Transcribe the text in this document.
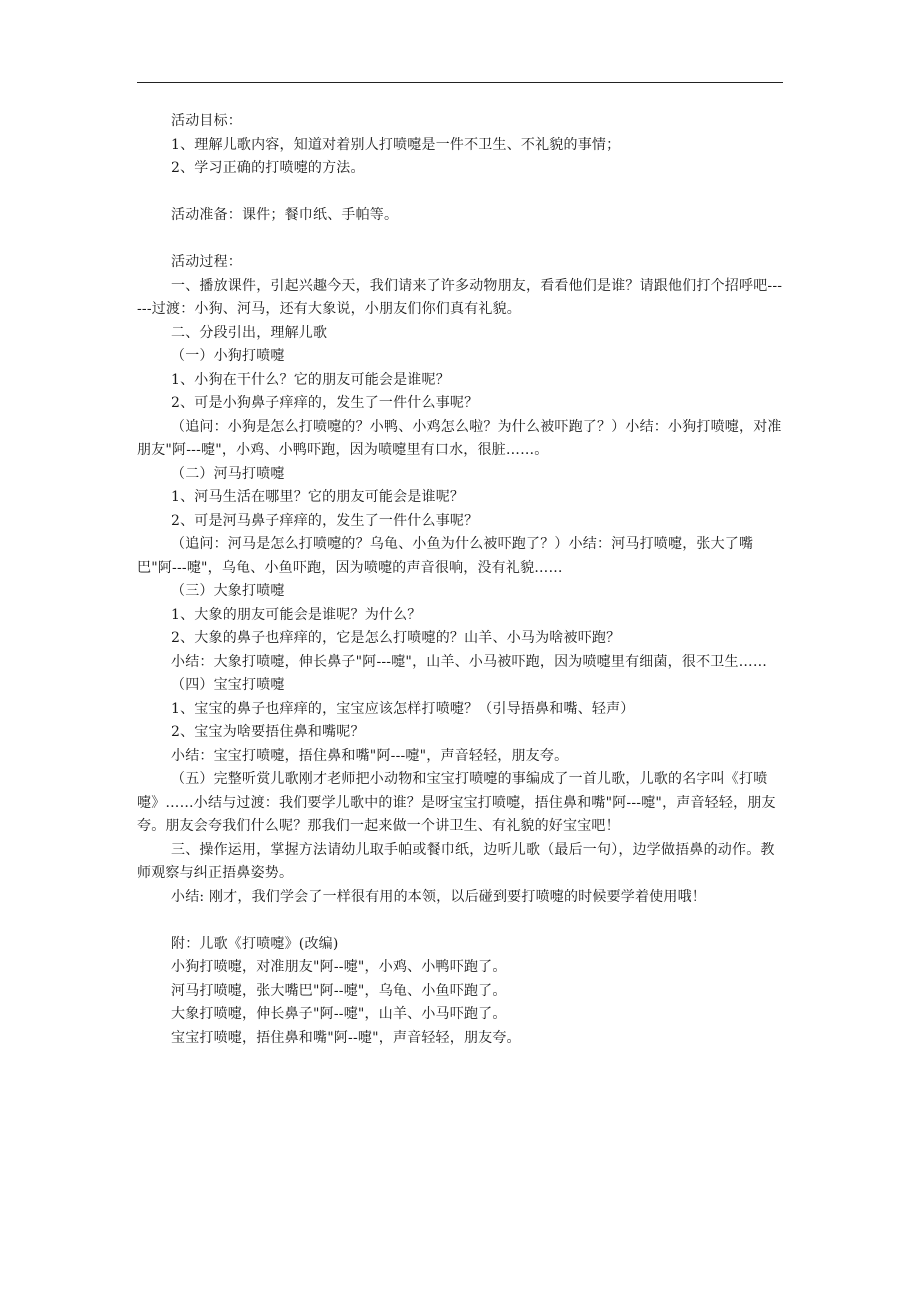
活动目标：

1、理解儿歌内容，知道对着别人打喷嚏是一件不卫生、不礼貌的事情；

2、学习正确的打喷嚏的方法。

活动准备：课件；餐巾纸、手帕等。

活动过程：

一、播放课件，引起兴趣今天，我们请来了许多动物朋友，看看他们是谁？请跟他们打个招呼吧------过渡：小狗、河马，还有大象说，小朋友们你们真有礼貌。

二、分段引出，理解儿歌

（一）小狗打喷嚏

1、小狗在干什么？它的朋友可能会是谁呢？

2、可是小狗鼻子痒痒的，发生了一件什么事呢？

（追问：小狗是怎么打喷嚏的？小鸭、小鸡怎么啦？为什么被吓跑了？）小结：小狗打喷嚏，对准朋友"阿---嚏"，小鸡、小鸭吓跑，因为喷嚏里有口水，很脏……。

（二）河马打喷嚏

1、河马生活在哪里？它的朋友可能会是谁呢？

2、可是河马鼻子痒痒的，发生了一件什么事呢？

（追问：河马是怎么打喷嚏的？乌龟、小鱼为什么被吓跑了？）小结：河马打喷嚏，张大了嘴巴"阿---嚏"，乌龟、小鱼吓跑，因为喷嚏的声音很响，没有礼貌……

（三）大象打喷嚏

1、大象的朋友可能会是谁呢？为什么？

2、大象的鼻子也痒痒的，它是怎么打喷嚏的？山羊、小马为啥被吓跑？

小结：大象打喷嚏，伸长鼻子"阿---嚏"，山羊、小马被吓跑，因为喷嚏里有细菌，很不卫生……

（四）宝宝打喷嚏

1、宝宝的鼻子也痒痒的，宝宝应该怎样打喷嚏？（引导捂鼻和嘴、轻声）

2、宝宝为啥要捂住鼻和嘴呢？

小结：宝宝打喷嚏，捂住鼻和嘴"阿---嚏"，声音轻轻，朋友夸。

（五）完整听赏儿歌刚才老师把小动物和宝宝打喷嚏的事编成了一首儿歌，儿歌的名字叫《打喷嚏》……小结与过渡：我们要学儿歌中的谁？是呀宝宝打喷嚏，捂住鼻和嘴"阿---嚏"，声音轻轻，朋友夸。朋友会夸我们什么呢？那我们一起来做一个讲卫生、有礼貌的好宝宝吧！

三、操作运用，掌握方法请幼儿取手帕或餐巾纸，边听儿歌（最后一句），边学做捂鼻的动作。教师观察与纠正捂鼻姿势。

小结: 刚才，我们学会了一样很有用的本领，以后碰到要打喷嚏的时候要学着使用哦！

附：儿歌《打喷嚏》(改编)

小狗打喷嚏，对准朋友"阿--嚏"，小鸡、小鸭吓跑了。

河马打喷嚏，张大嘴巴"阿--嚏"，乌龟、小鱼吓跑了。

大象打喷嚏，伸长鼻子"阿--嚏"，山羊、小马吓跑了。

宝宝打喷嚏，捂住鼻和嘴"阿--嚏"，声音轻轻，朋友夸。
